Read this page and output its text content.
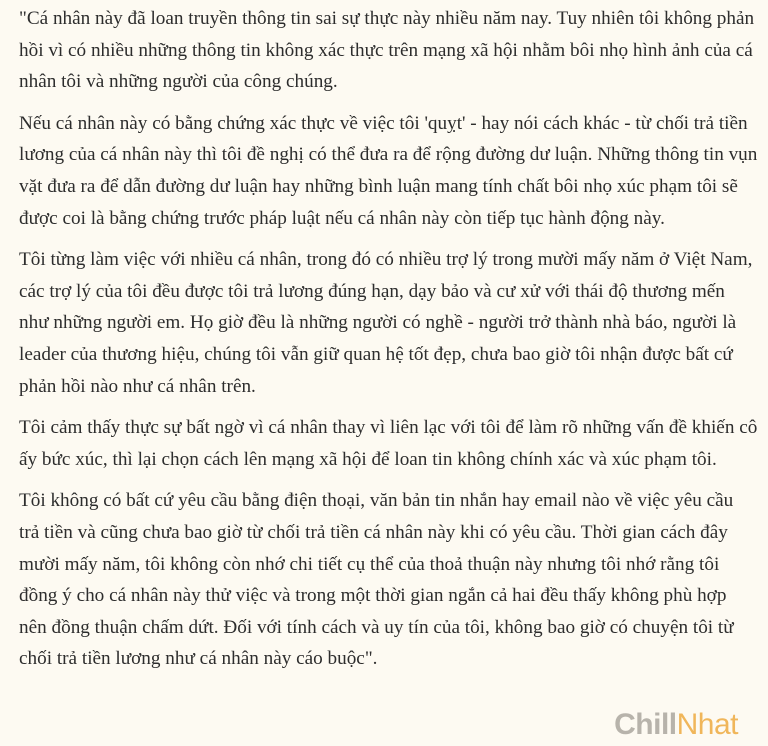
"Cá nhân này đã loan truyền thông tin sai sự thực này nhiều năm nay. Tuy nhiên tôi không phản hồi vì có nhiều những thông tin không xác thực trên mạng xã hội nhằm bôi nhọ hình ảnh của cá nhân tôi và những người của công chúng.

Nếu cá nhân này có bằng chứng xác thực về việc tôi 'quỵt' - hay nói cách khác - từ chối trả tiền lương của cá nhân này thì tôi đề nghị có thể đưa ra để rộng đường dư luận. Những thông tin vụn vặt đưa ra để dẫn đường dư luận hay những bình luận mang tính chất bôi nhọ xúc phạm tôi sẽ được coi là bằng chứng trước pháp luật nếu cá nhân này còn tiếp tục hành động này.

Tôi từng làm việc với nhiều cá nhân, trong đó có nhiều trợ lý trong mười mấy năm ở Việt Nam, các trợ lý của tôi đều được tôi trả lương đúng hạn, dạy bảo và cư xử với thái độ thương mến như những người em. Họ giờ đều là những người có nghề - người trở thành nhà báo, người là leader của thương hiệu, chúng tôi vẫn giữ quan hệ tốt đẹp, chưa bao giờ tôi nhận được bất cứ phản hồi nào như cá nhân trên.

Tôi cảm thấy thực sự bất ngờ vì cá nhân thay vì liên lạc với tôi để làm rõ những vấn đề khiến cô ấy bức xúc, thì lại chọn cách lên mạng xã hội để loan tin không chính xác và xúc phạm tôi.

Tôi không có bất cứ yêu cầu bằng điện thoại, văn bản tin nhắn hay email nào về việc yêu cầu trả tiền và cũng chưa bao giờ từ chối trả tiền cá nhân này khi có yêu cầu. Thời gian cách đây mười mấy năm, tôi không còn nhớ chi tiết cụ thể của thoả thuận này nhưng tôi nhớ rằng tôi đồng ý cho cá nhân này thử việc và trong một thời gian ngắn cả hai đều thấy không phù hợp nên đồng thuận chấm dứt. Đối với tính cách và uy tín của tôi, không bao giờ có chuyện tôi từ chối trả tiền lương như cá nhân này cáo buộc".

ChillNhat
